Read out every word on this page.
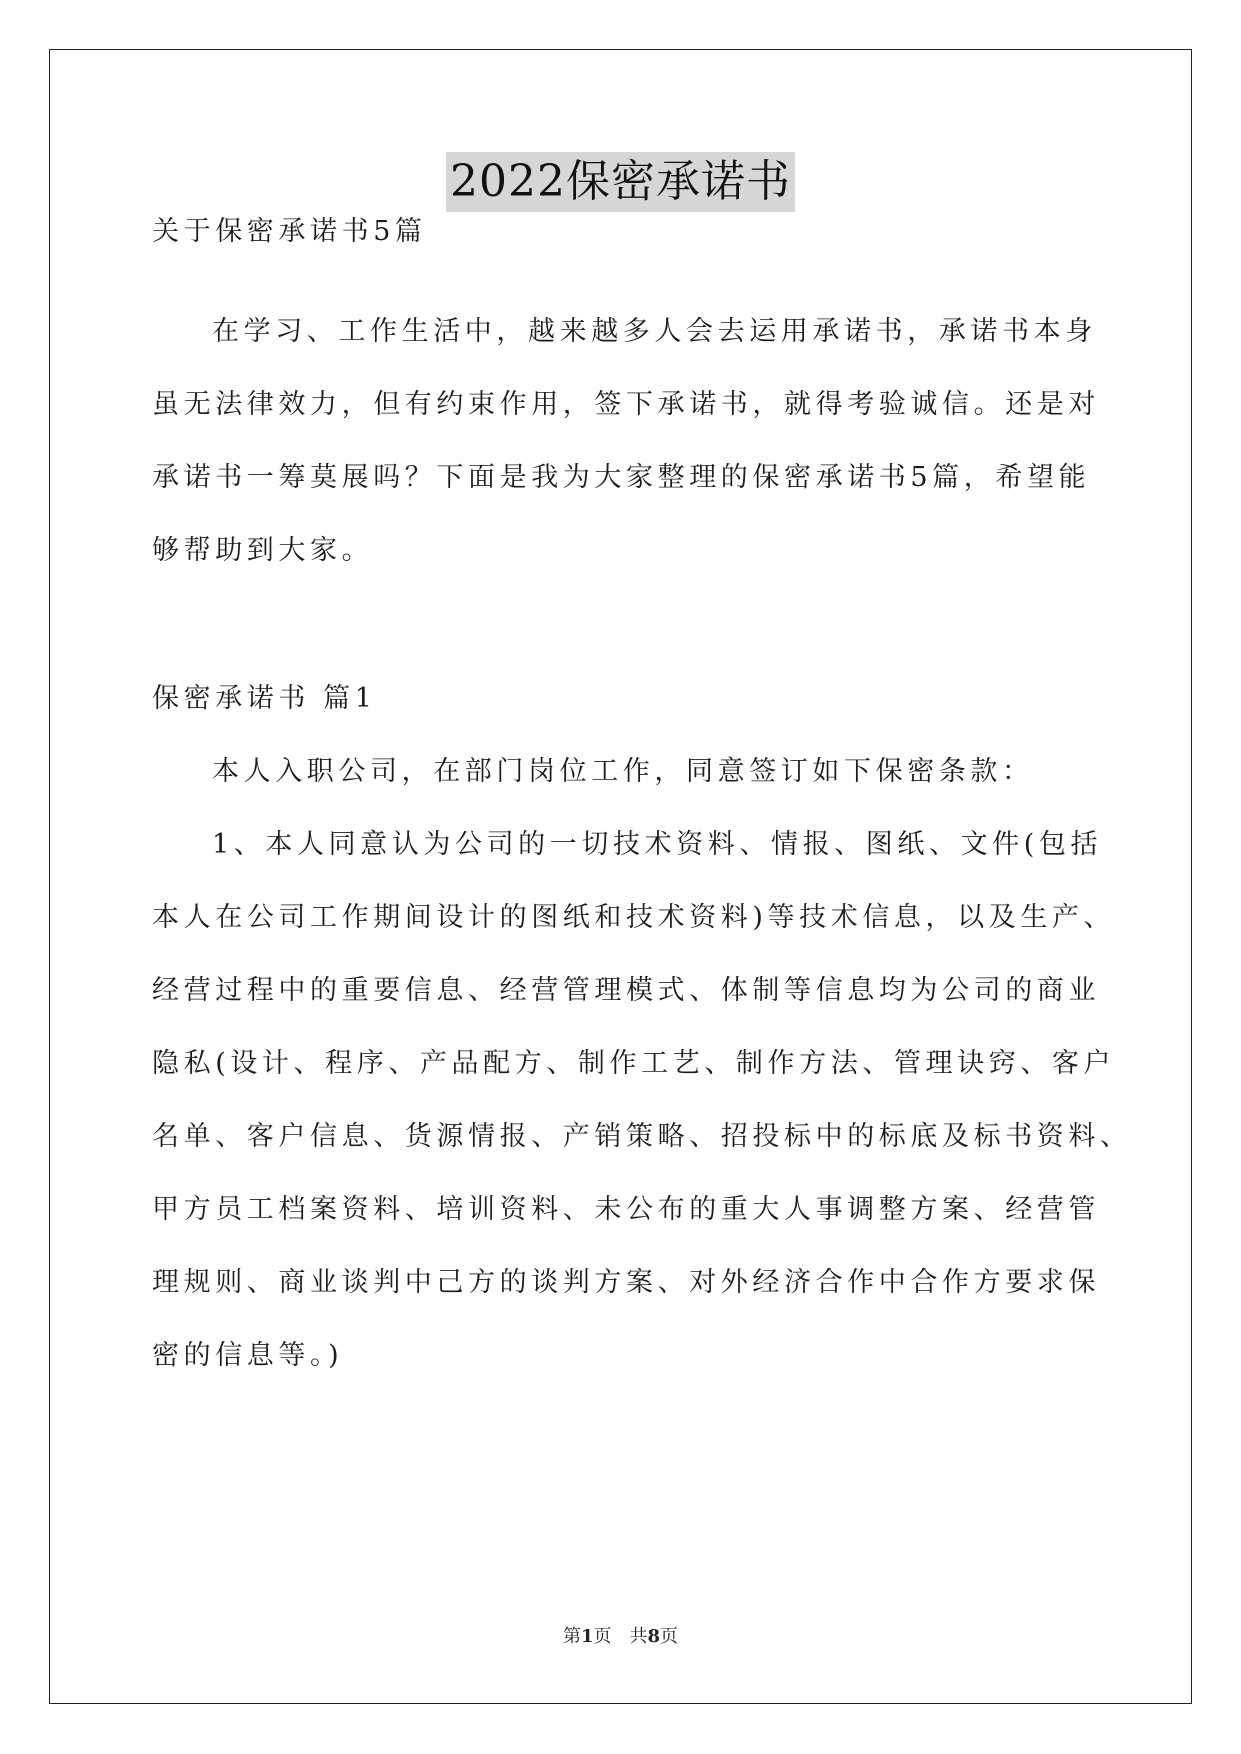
2022保密承诺书
关于保密承诺书5篇
在学习、工作生活中，越来越多人会去运用承诺书，承诺书本身
虽无法律效力，但有约束作用，签下承诺书，就得考验诚信。还是对
承诺书一筹莫展吗？下面是我为大家整理的保密承诺书5篇，希望能
够帮助到大家。
保密承诺书 篇1
本人入职公司，在部门岗位工作，同意签订如下保密条款：
1、本人同意认为公司的一切技术资料、情报、图纸、文件(包括
本人在公司工作期间设计的图纸和技术资料)等技术信息，以及生产、
经营过程中的重要信息、经营管理模式、体制等信息均为公司的商业
隐私(设计、程序、产品配方、制作工艺、制作方法、管理诀窍、客户
名单、客户信息、货源情报、产销策略、招投标中的标底及标书资料、
甲方员工档案资料、培训资料、未公布的重大人事调整方案、经营管
理规则、商业谈判中己方的谈判方案、对外经济合作中合作方要求保
密的信息等。)
第1页　共8页
